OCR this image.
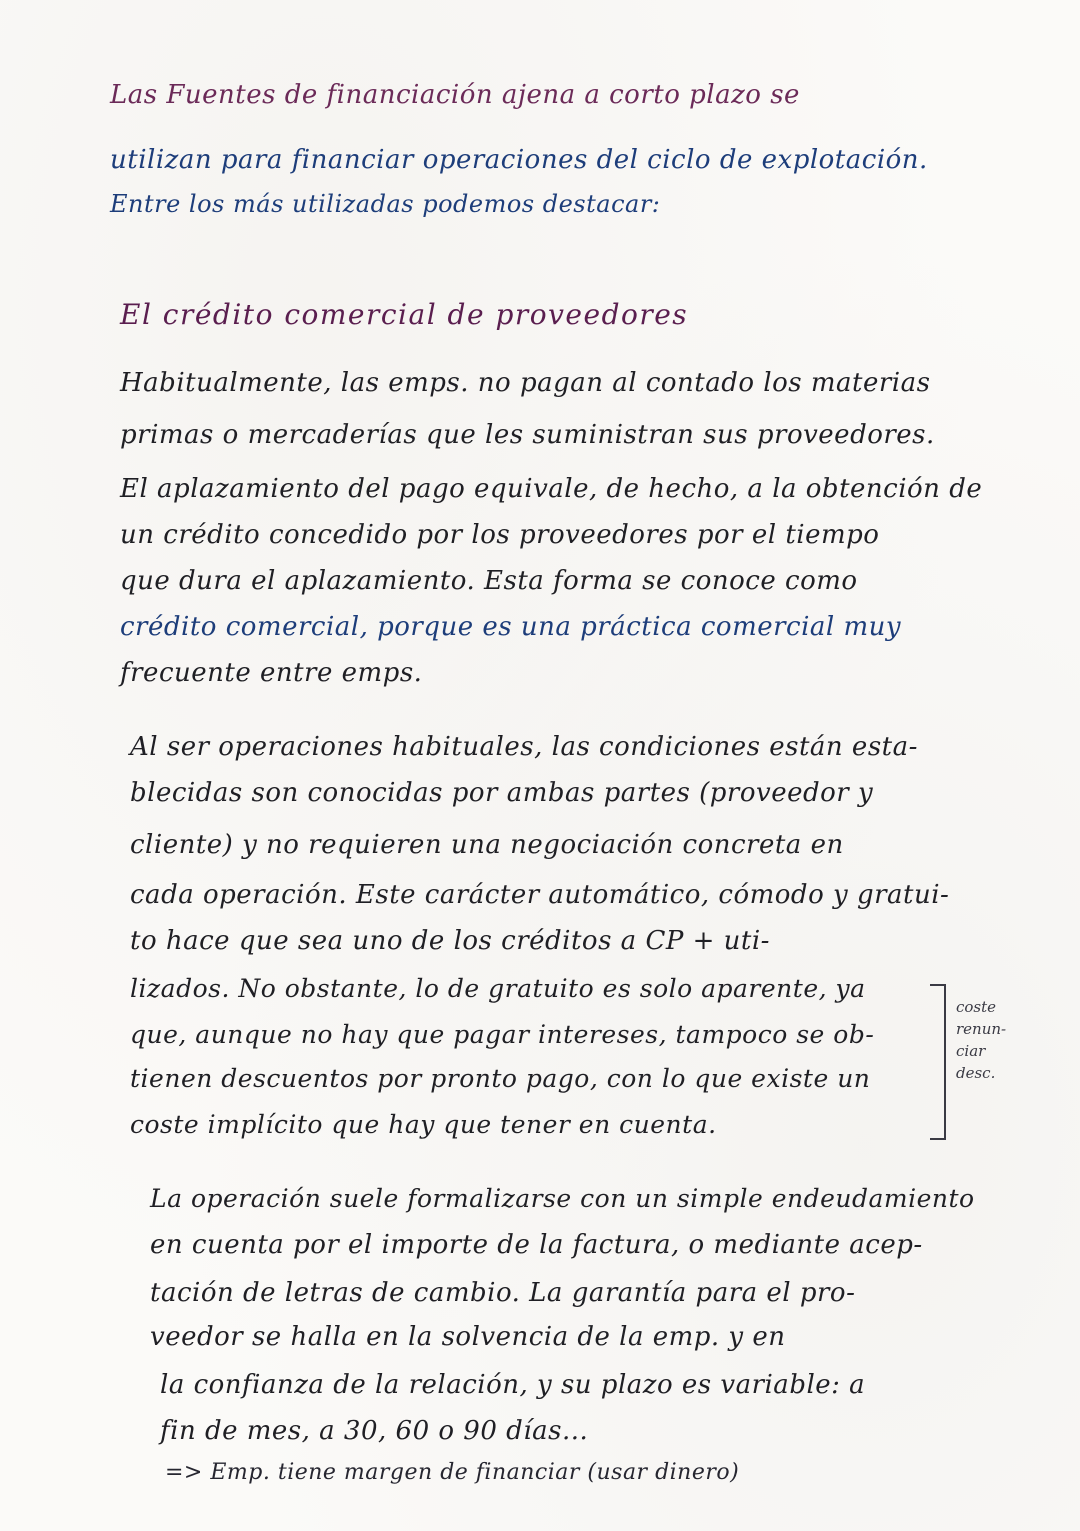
Las Fuentes de financiación ajena a corto plazo se
utilizan para financiar operaciones del ciclo de explotación.
Entre los más utilizadas podemos destacar:
El crédito comercial de proveedores
Habitualmente, las emps. no pagan al contado los materias
primas o mercaderías que les suministran sus proveedores.
El aplazamiento del pago equivale, de hecho, a la obtención de
un crédito concedido por los proveedores por el tiempo
que dura el aplazamiento. Esta forma se conoce como
crédito comercial, porque es una práctica comercial muy
frecuente entre emps.
Al ser operaciones habituales, las condiciones están esta-
blecidas son conocidas por ambas partes (proveedor y
cliente) y no requieren una negociación concreta en
cada operación. Este carácter automático, cómodo y gratui-
to hace que sea uno de los créditos a CP + uti-
lizados. No obstante, lo de gratuito es solo aparente, ya
que, aunque no hay que pagar intereses, tampoco se ob-
tienen descuentos por pronto pago, con lo que existe un
coste implícito que hay que tener en cuenta.
coste
renun-
ciar
desc.
La operación suele formalizarse con un simple endeudamiento
en cuenta por el importe de la factura, o mediante acep-
tación de letras de cambio. La garantía para el pro-
veedor se halla en la solvencia de la emp. y en
la confianza de la relación, y su plazo es variable: a
fin de mes, a 30, 60 o 90 días...
=> Emp. tiene margen de financiar (usar dinero)
